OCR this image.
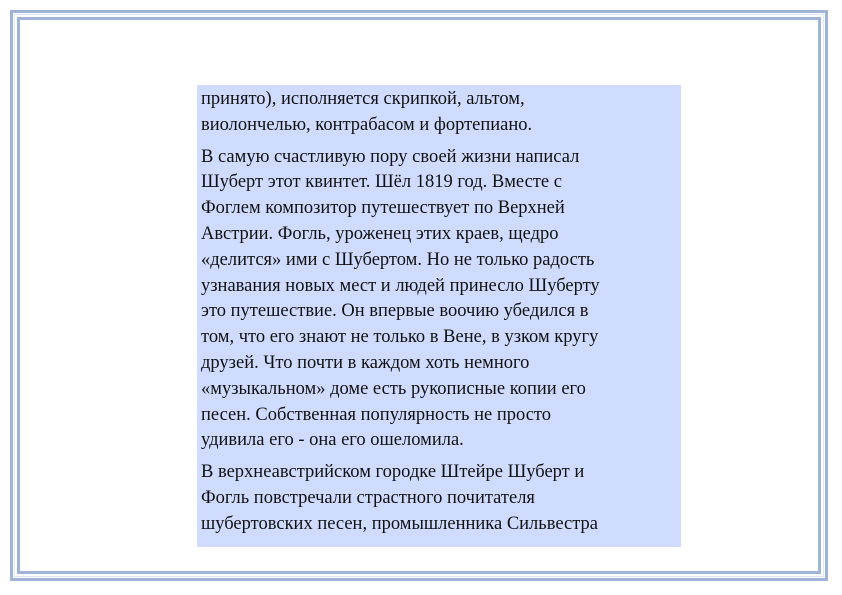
принято), исполняется скрипкой, альтом,
виолончелью, контрабасом и фортепиано.

В самую счастливую пору своей жизни написал
Шуберт этот квинтет. Шёл 1819 год. Вместе с
Фоглем композитор путешествует по Верхней
Австрии. Фогль, уроженец этих краев, щедро
«делится» ими с Шубертом. Но не только радость
узнавания новых мест и людей принесло Шуберту
это путешествие. Он впервые воочию убедился в
том, что его знают не только в Вене, в узком кругу
друзей. Что почти в каждом хоть немного
«музыкальном» доме есть рукописные копии его
песен. Собственная популярность не просто
удивила его - она его ошеломила.

В верхнеавстрийском городке Штейре Шуберт и
Фогль повстречали страстного почитателя
шубертовских песен, промышленника Сильвестра
